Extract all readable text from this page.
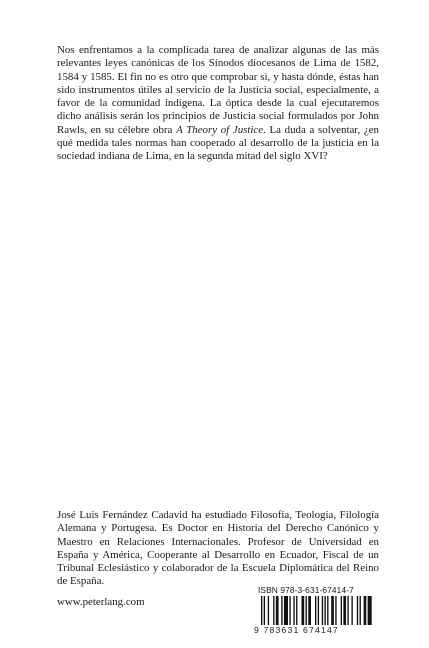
Nos enfrentamos a la complicada tarea de analizar algunas de las más relevantes leyes canónicas de los Sínodos diocesanos de Lima de 1582, 1584 y 1585. El fin no es otro que comprobar si, y hasta dónde, éstas han sido instrumentos útiles al servicio de la Justicia social, especialmente, a favor de la comunidad indígena. La óptica desde la cual ejecutaremos dicho análisis serán los principios de Justicia social formulados por John Rawls, en su célebre obra A Theory of Justice. La duda a solventar, ¿en qué medida tales normas han cooperado al desarrollo de la justicia en la sociedad indiana de Lima, en la segunda mitad del siglo XVI?

José Luis Fernández Cadavid ha estudiado Filosofía, Teología, Filología Alemana y Portugesa. Es Doctor en Historia del Derecho Canónico y Maestro en Relaciones Internacionales. Profesor de Universidad en España y América, Cooperante al Desarrollo en Ecuador, Fiscal de un Tribunal Eclesiástico y colaborador de la Escuela Diplomática del Reino de España.
www.peterlang.com
ISBN 978-3-631-67414-7
9 783631 674147
